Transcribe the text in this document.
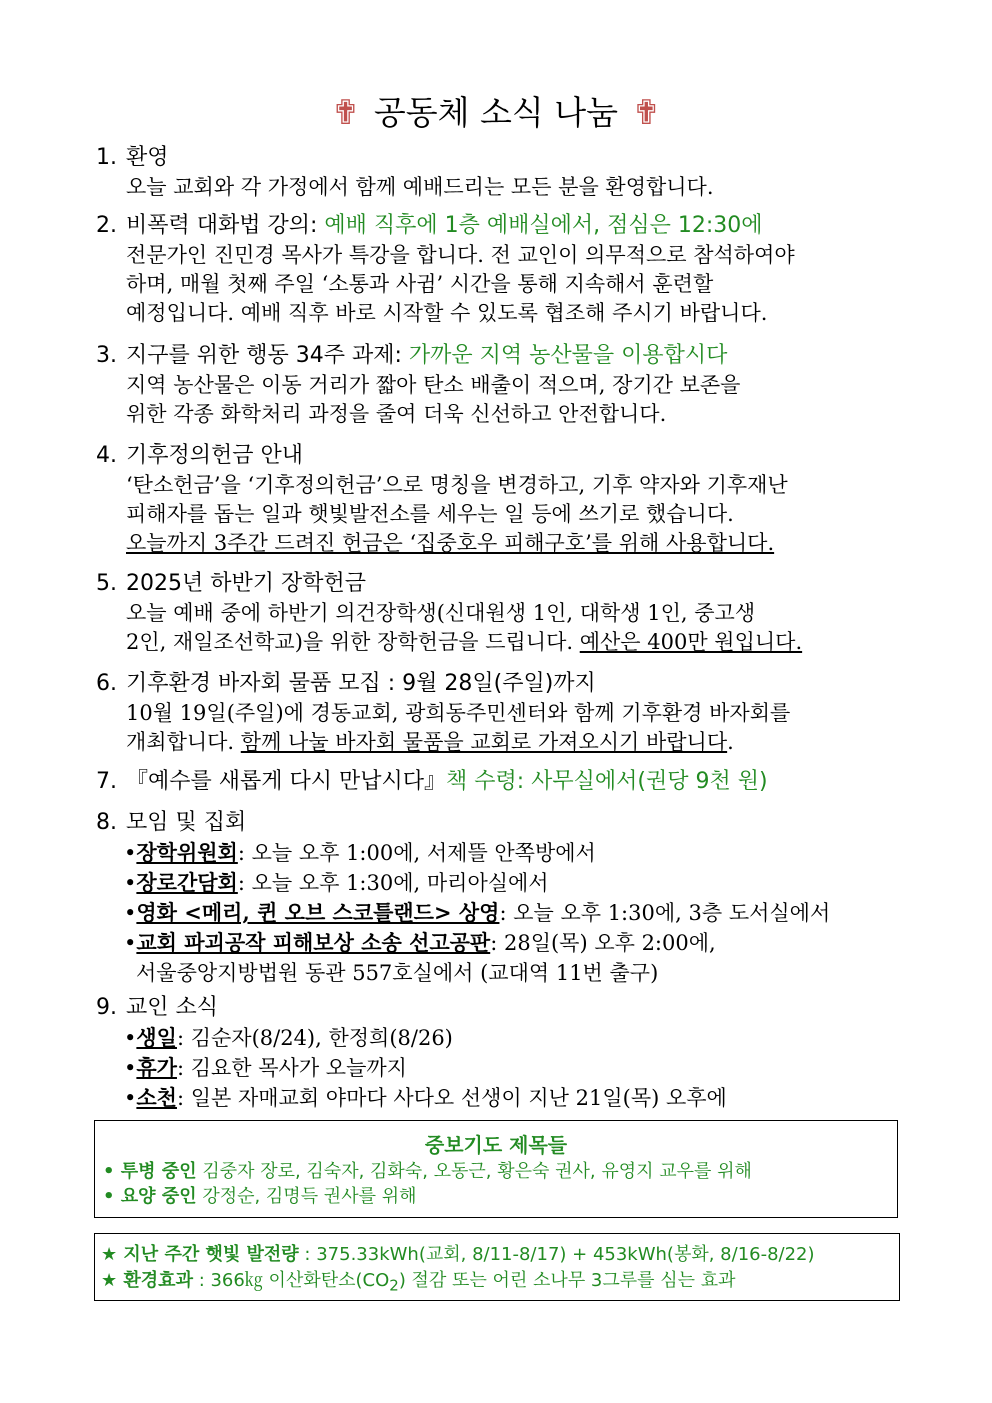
✟ 공동체 소식 나눔 ✟
1. 환영
오늘 교회와 각 가정에서 함께 예배드리는 모든 분을 환영합니다.
2. 비폭력 대화법 강의: 예배 직후에 1층 예배실에서, 점심은 12:30에
전문가인 진민경 목사가 특강을 합니다. 전 교인이 의무적으로 참석하여야
하며, 매월 첫째 주일 ‘소통과 사귐’ 시간을 통해 지속해서 훈련할
예정입니다. 예배 직후 바로 시작할 수 있도록 협조해 주시기 바랍니다.
3. 지구를 위한 행동 34주 과제: 가까운 지역 농산물을 이용합시다
지역 농산물은 이동 거리가 짧아 탄소 배출이 적으며, 장기간 보존을
위한 각종 화학처리 과정을 줄여 더욱 신선하고 안전합니다.
4. 기후정의헌금 안내
‘탄소헌금’을 ‘기후정의헌금’으로 명칭을 변경하고, 기후 약자와 기후재난
피해자를 돕는 일과 햇빛발전소를 세우는 일 등에 쓰기로 했습니다.
오늘까지 3주간 드려진 헌금은 ‘집중호우 피해구호’를 위해 사용합니다.
5. 2025년 하반기 장학헌금
오늘 예배 중에 하반기 의건장학생(신대원생 1인, 대학생 1인, 중고생
2인, 재일조선학교)을 위한 장학헌금을 드립니다. 예산은 400만 원입니다.
6. 기후환경 바자회 물품 모집 : 9월 28일(주일)까지
10월 19일(주일)에 경동교회, 광희동주민센터와 함께 기후환경 바자회를
개최합니다. 함께 나눌 바자회 물품을 교회로 가져오시기 바랍니다.
7. 『예수를 새롭게 다시 만납시다』책 수령: 사무실에서(권당 9천 원)
8. 모임 및 집회
•장학위원회: 오늘 오후 1:00에, 서제뜰 안쪽방에서
•장로간담회: 오늘 오후 1:30에, 마리아실에서
•영화 <메리, 퀸 오브 스코틀랜드> 상영: 오늘 오후 1:30에, 3층 도서실에서
•교회 파괴공작 피해보상 소송 선고공판: 28일(목) 오후 2:00에,
서울중앙지방법원 동관 557호실에서 (교대역 11번 출구)
9. 교인 소식
•생일: 김순자(8/24), 한정희(8/26)
•휴가: 김요한 목사가 오늘까지
•소천: 일본 자매교회 야마다 사다오 선생이 지난 21일(목) 오후에
중보기도 제목들
• 투병 중인 김중자 장로, 김숙자, 김화숙, 오동근, 황은숙 권사, 유영지 교우를 위해
• 요양 중인 강정순, 김명득 권사를 위해
★ 지난 주간 햇빛 발전량 : 375.33kWh(교회, 8/11-8/17) + 453kWh(봉화, 8/16-8/22)
★ 환경효과 : 366㎏ 이산화탄소$(CO_2)$ 절감 또는 어린 소나무 3그루를 심는 효과
